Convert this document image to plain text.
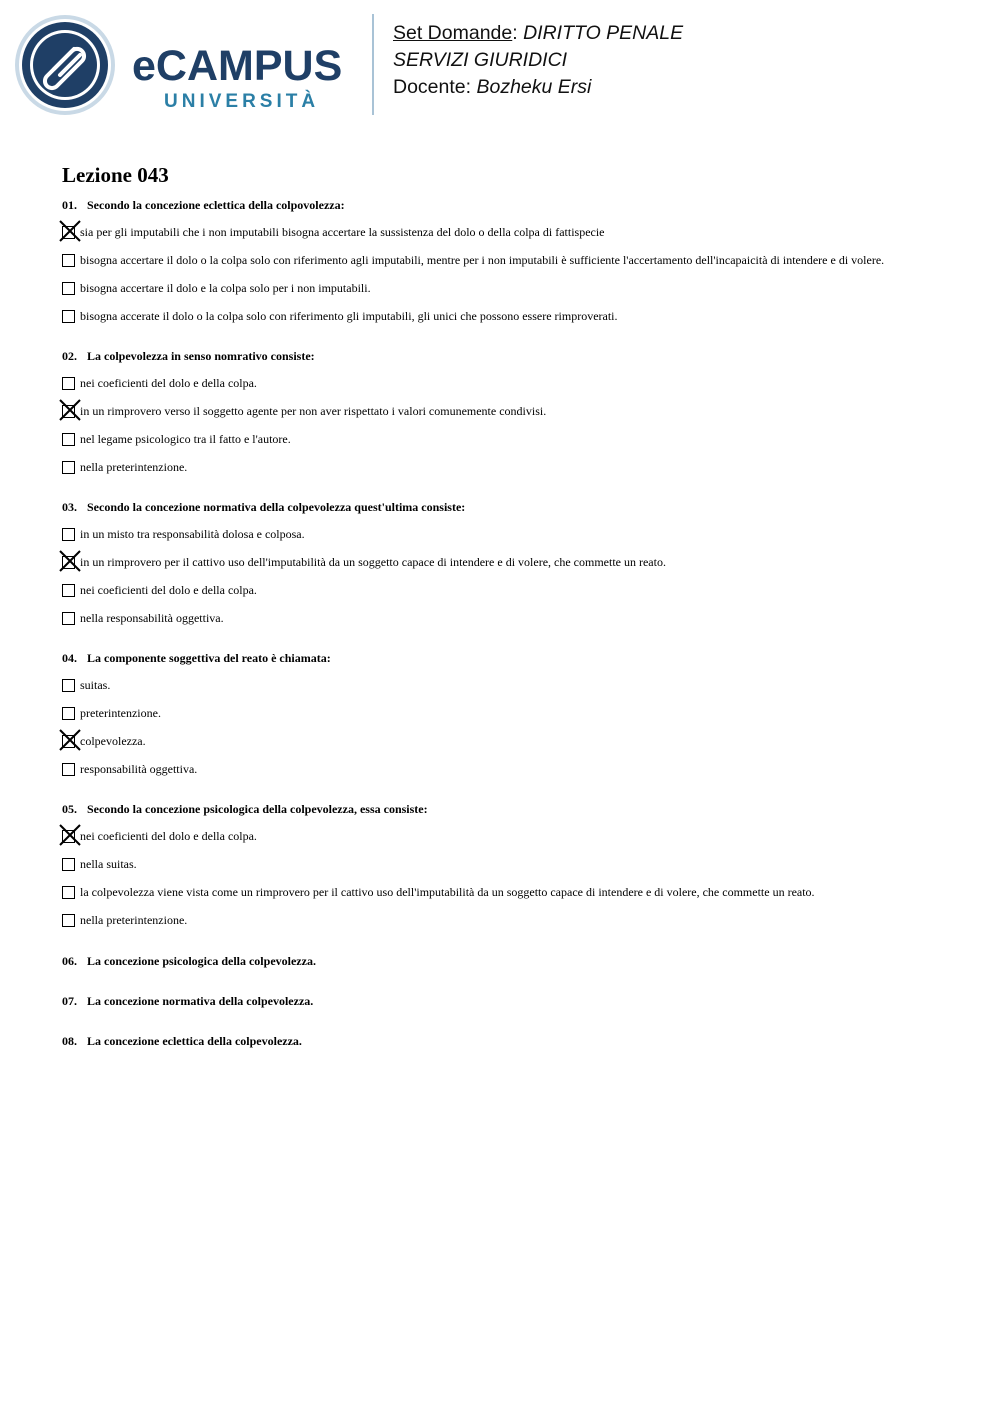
eCAMPUS
UNIVERSITÀ
Set Domande: DIRITTO PENALE
SERVIZI GIURIDICI
Docente: Bozheku Ersi
Lezione 043
01. Secondo la concezione eclettica della colpovolezza:
sia per gli imputabili che i non imputabili bisogna accertare la sussistenza del dolo o della colpa di fattispecie
bisogna accertare il dolo o la colpa solo con riferimento agli imputabili, mentre per i non imputabili è sufficiente l'accertamento dell'incapaicità di intendere e di volere.
bisogna accertare il dolo e la colpa solo per i non imputabili.
bisogna accerate il dolo o la colpa solo con riferimento gli imputabili, gli unici che possono essere rimproverati.
02. La colpevolezza in senso nomrativo consiste:
nei coeficienti del dolo e della colpa.
in un rimprovero verso il soggetto agente per non aver rispettato i valori comunemente condivisi.
nel legame psicologico tra il fatto e l'autore.
nella preterintenzione.
03. Secondo la concezione normativa della colpevolezza quest'ultima consiste:
in un misto tra responsabilità dolosa e colposa.
in un rimprovero per il cattivo uso dell'imputabilità da un soggetto capace di intendere e di volere, che commette un reato.
nei coeficienti del dolo e della colpa.
nella responsabilità oggettiva.
04. La componente soggettiva del reato è chiamata:
suitas.
preterintenzione.
colpevolezza.
responsabilità oggettiva.
05. Secondo la concezione psicologica della colpevolezza, essa consiste:
nei coeficienti del dolo e della colpa.
nella suitas.
la colpevolezza viene vista come un rimprovero per il cattivo uso dell'imputabilità da un soggetto capace di intendere e di volere, che commette un reato.
nella preterintenzione.
06. La concezione psicologica della colpevolezza.
07. La concezione normativa della colpevolezza.
08. La concezione eclettica della colpevolezza.
